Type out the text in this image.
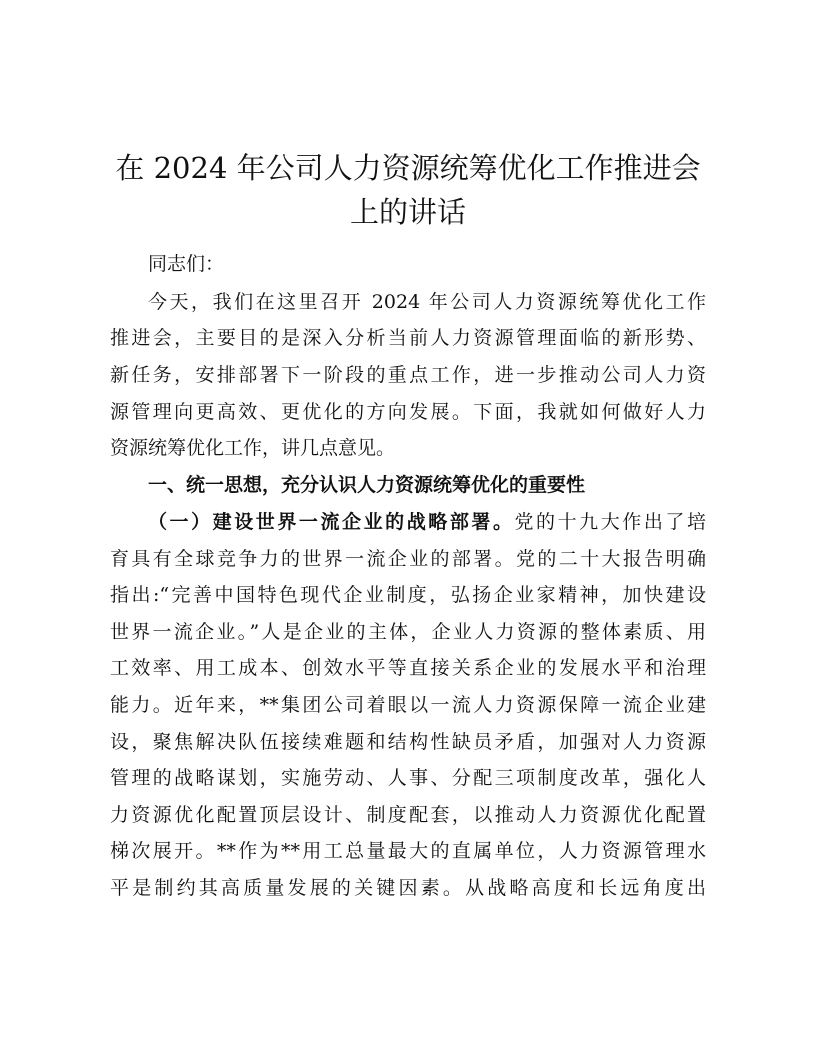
在 2024 年公司人力资源统筹优化工作推进会
上的讲话
同志们：
今天，我们在这里召开 2024 年公司人力资源统筹优化工作
推进会，主要目的是深入分析当前人力资源管理面临的新形势、
新任务，安排部署下一阶段的重点工作，进一步推动公司人力资
源管理向更高效、更优化的方向发展。下面，我就如何做好人力
资源统筹优化工作，讲几点意见。
一、统一思想，充分认识人力资源统筹优化的重要性
（一）建设世界一流企业的战略部署。党的十九大作出了培
育具有全球竞争力的世界一流企业的部署。党的二十大报告明确
指出:“完善中国特色现代企业制度，弘扬企业家精神，加快建设
世界一流企业。”人是企业的主体，企业人力资源的整体素质、用
工效率、用工成本、创效水平等直接关系企业的发展水平和治理
能力。近年来，**集团公司着眼以一流人力资源保障一流企业建
设，聚焦解决队伍接续难题和结构性缺员矛盾，加强对人力资源
管理的战略谋划，实施劳动、人事、分配三项制度改革，强化人
力资源优化配置顶层设计、制度配套，以推动人力资源优化配置
梯次展开。**作为**用工总量最大的直属单位，人力资源管理水
平是制约其高质量发展的关键因素。从战略高度和长远角度出
